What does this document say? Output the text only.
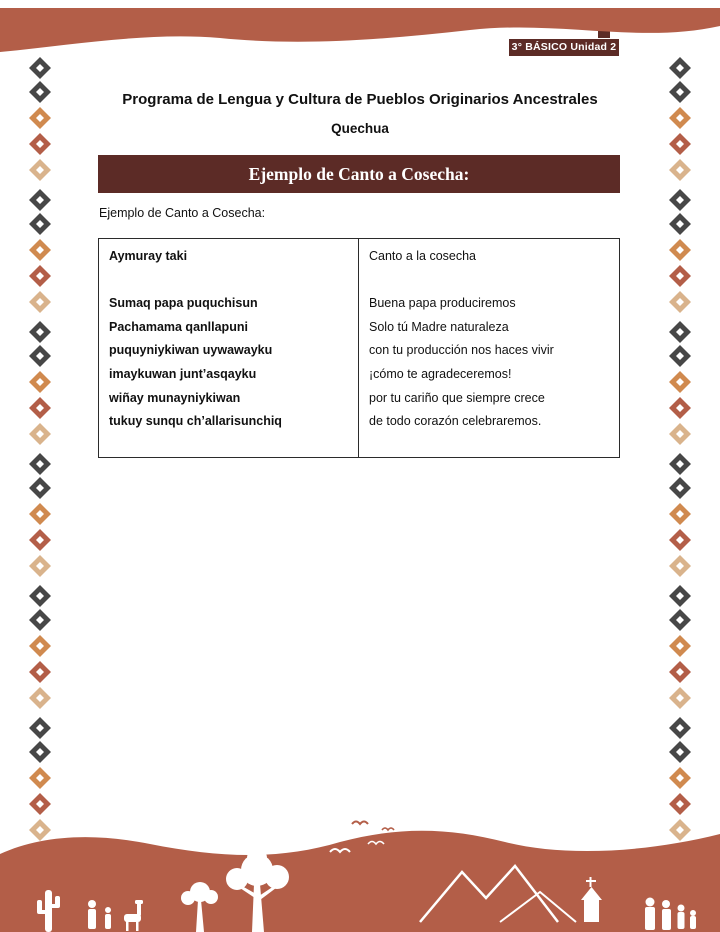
3° BÁSICO Unidad 2
Programa de Lengua y Cultura de Pueblos Originarios Ancestrales
Quechua
Ejemplo de Canto a Cosecha:
Ejemplo de Canto a Cosecha:
Aymuray taki

Sumaq papa puquchisun
Pachamama qanllapuni
puquyniykiwan uywawayku
imaykuwan junt’asqayku
wiñay munayniykiwan
tukuy sunqu ch’allarisunchiq
Canto a la cosecha

Buena papa produciremos
Solo tú Madre naturaleza
con tu producción nos haces vivir
¡cómo te agradeceremos!
por tu cariño que siempre crece
de todo corazón celebraremos.
